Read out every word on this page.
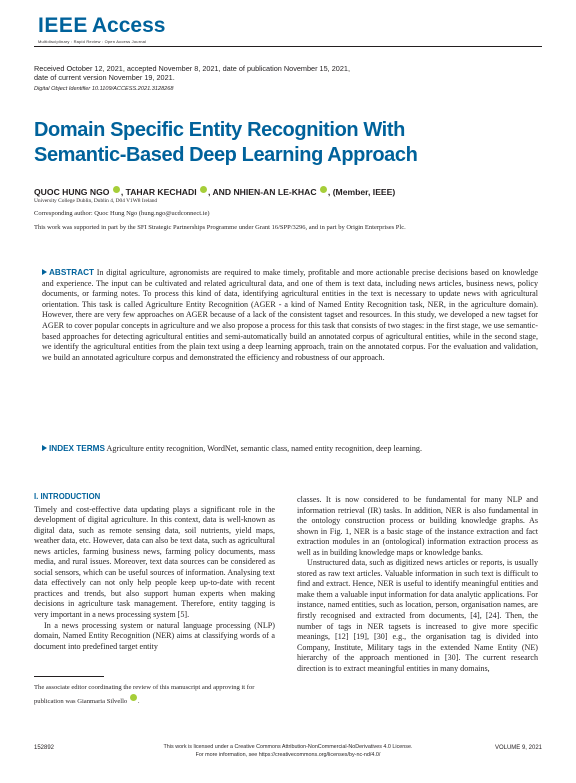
IEEE Access
Multidisciplinary : Rapid Review : Open Access Journal
Received October 12, 2021, accepted November 8, 2021, date of publication November 15, 2021,
date of current version November 19, 2021.
Digital Object Identifier 10.1109/ACCESS.2021.3128268
Domain Specific Entity Recognition With
Semantic-Based Deep Learning Approach
QUOC HUNG NGO , TAHAR KECHADI , AND NHIEN-AN LE-KHAC , (Member, IEEE)
University College Dublin, Dublin 4, D04 V1W8 Ireland
Corresponding author: Quoc Hung Ngo (hung.ngo@ucdconnect.ie)
This work was supported in part by the SFI Strategic Partnerships Programme under Grant 16/SPP/3296, and in part by Origin Enterprises Plc.
ABSTRACT In digital agriculture, agronomists are required to make timely, profitable and more actionable precise decisions based on knowledge and experience. The input can be cultivated and related agricultural data, and one of them is text data, including news articles, business news, policy documents, or farming notes. To process this kind of data, identifying agricultural entities in the text is necessary to update news with agricultural orientation. This task is called Agriculture Entity Recognition (AGER - a kind of Named Entity Recognition task, NER, in the agriculture domain). However, there are very few approaches on AGER because of a lack of the consistent tagset and resources. In this study, we developed a new tagset for AGER to cover popular concepts in agriculture and we also propose a process for this task that consists of two stages: in the first stage, we use semantic-based approaches for detecting agricultural entities and semi-automatically build an annotated corpus of agricultural entities, while in the second stage, we identify the agricultural entities from the plain text using a deep learning approach, train on the annotated corpus. For the evaluation and validation, we build an annotated agriculture corpus and demonstrated the efficiency and robustness of our approach.
INDEX TERMS Agriculture entity recognition, WordNet, semantic class, named entity recognition, deep learning.
I. INTRODUCTION

Timely and cost-effective data updating plays a significant role in the development of digital agriculture. In this context, data is well-known as digital data, such as remote sensing data, soil nutrients, yield maps, weather data, etc. However, data can also be text data, such as agricultural news articles, farming business news, farming policy documents, mass media, and rural issues. Moreover, text data sources can be considered as social sensors, which can be useful sources of information. Analysing text data effectively can not only help people keep up-to-date with recent practices and trends, but also support human experts when making decisions in agriculture task management. Therefore, entity tagging is very important in a news processing system [5].

In a news processing system or natural language processing (NLP) domain, Named Entity Recognition (NER) aims at classifying words of a document into predefined target entity

classes. It is now considered to be fundamental for many NLP and information retrieval (IR) tasks. In addition, NER is also fundamental in the ontology construction process or building knowledge graphs. As shown in Fig. 1, NER is a basic stage of the instance extraction and fact extraction modules in an (ontological) information extraction process as well as in building knowledge maps or knowledge banks.

Unstructured data, such as digitized news articles or reports, is usually stored as raw text articles. Valuable information in such text is difficult to find and extract. Hence, NER is useful to identify meaningful entities and make them a valuable input information for data analytic applications. For instance, named entities, such as location, person, organisation names, are firstly recognised and extracted from documents, [4], [24]. Then, the number of tags in NER tagsets is increased to give more specific meanings, [12] [19], [30] e.g., the organisation tag is divided into Company, Institute, Military tags in the extended Name Entity (NE) hierarchy of the approach mentioned in [30]. The current research direction is to extract meaningful entities in many domains,

The associate editor coordinating the review of this manuscript and approving it for publication was Gianmaria Silvello .
152892	This work is licensed under a Creative Commons Attribution-NonCommercial-NoDerivatives 4.0 License.
For more information, see https://creativecommons.org/licenses/by-nc-nd/4.0/
VOLUME 9, 2021
